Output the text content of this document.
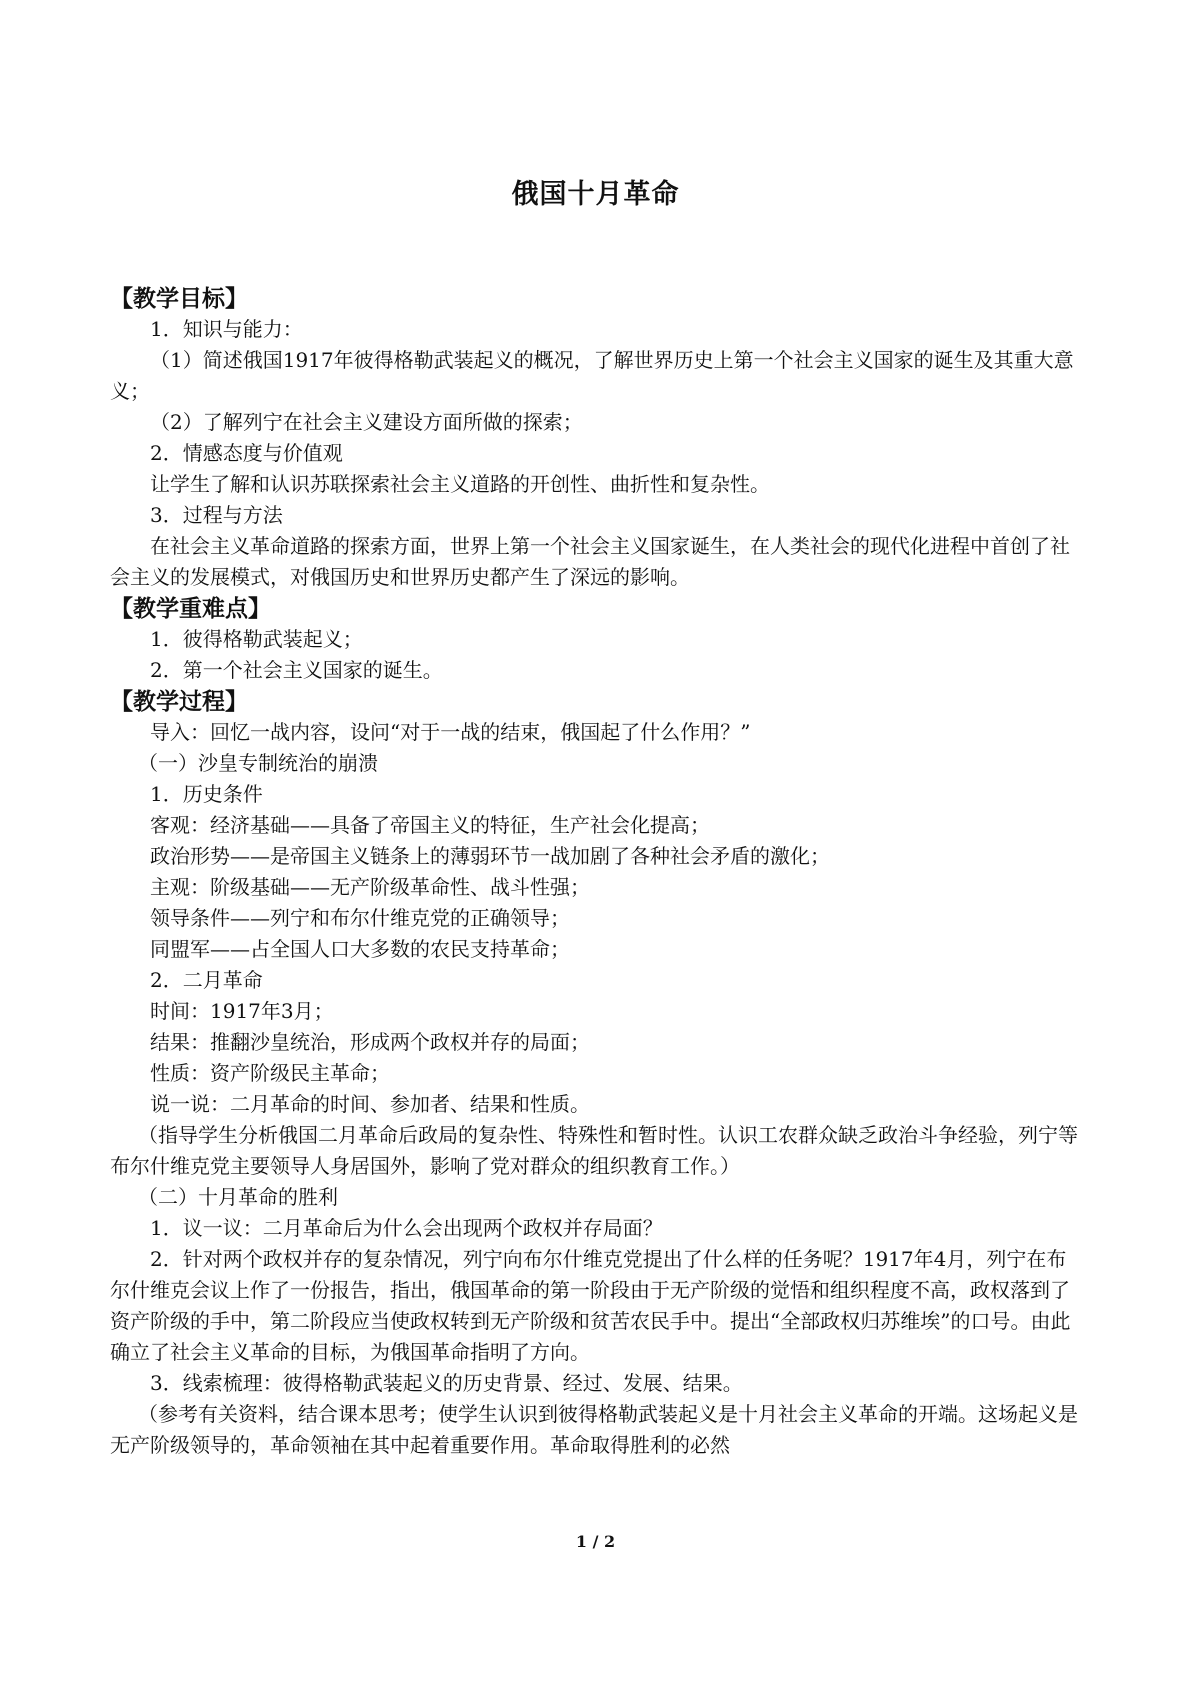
俄国十月革命

【教学目标】

1．知识与能力：

（1）简述俄国1917年彼得格勒武装起义的概况，了解世界历史上第一个社会主义国家的诞生及其重大意义；

（2）了解列宁在社会主义建设方面所做的探索；

2．情感态度与价值观

让学生了解和认识苏联探索社会主义道路的开创性、曲折性和复杂性。

3．过程与方法

在社会主义革命道路的探索方面，世界上第一个社会主义国家诞生，在人类社会的现代化进程中首创了社会主义的发展模式，对俄国历史和世界历史都产生了深远的影响。

【教学重难点】

1．彼得格勒武装起义；

2．第一个社会主义国家的诞生。

【教学过程】

导入：回忆一战内容，设问“对于一战的结束，俄国起了什么作用？”

（一）沙皇专制统治的崩溃

1．历史条件

客观：经济基础——具备了帝国主义的特征，生产社会化提高；

政治形势——是帝国主义链条上的薄弱环节一战加剧了各种社会矛盾的激化；

主观：阶级基础——无产阶级革命性、战斗性强；

领导条件——列宁和布尔什维克党的正确领导；

同盟军——占全国人口大多数的农民支持革命；

2．二月革命

时间：1917年3月；

结果：推翻沙皇统治，形成两个政权并存的局面；

性质：资产阶级民主革命；

说一说：二月革命的时间、参加者、结果和性质。

（指导学生分析俄国二月革命后政局的复杂性、特殊性和暂时性。认识工农群众缺乏政治斗争经验，列宁等布尔什维克党主要领导人身居国外，影响了党对群众的组织教育工作。）

（二）十月革命的胜利

1．议一议：二月革命后为什么会出现两个政权并存局面？

2．针对两个政权并存的复杂情况，列宁向布尔什维克党提出了什么样的任务呢？1917年4月，列宁在布尔什维克会议上作了一份报告，指出，俄国革命的第一阶段由于无产阶级的觉悟和组织程度不高，政权落到了资产阶级的手中，第二阶段应当使政权转到无产阶级和贫苦农民手中。提出“全部政权归苏维埃”的口号。由此确立了社会主义革命的目标，为俄国革命指明了方向。

3．线索梳理：彼得格勒武装起义的历史背景、经过、发展、结果。

（参考有关资料，结合课本思考；使学生认识到彼得格勒武装起义是十月社会主义革命的开端。这场起义是无产阶级领导的，革命领袖在其中起着重要作用。革命取得胜利的必然

1 / 2
